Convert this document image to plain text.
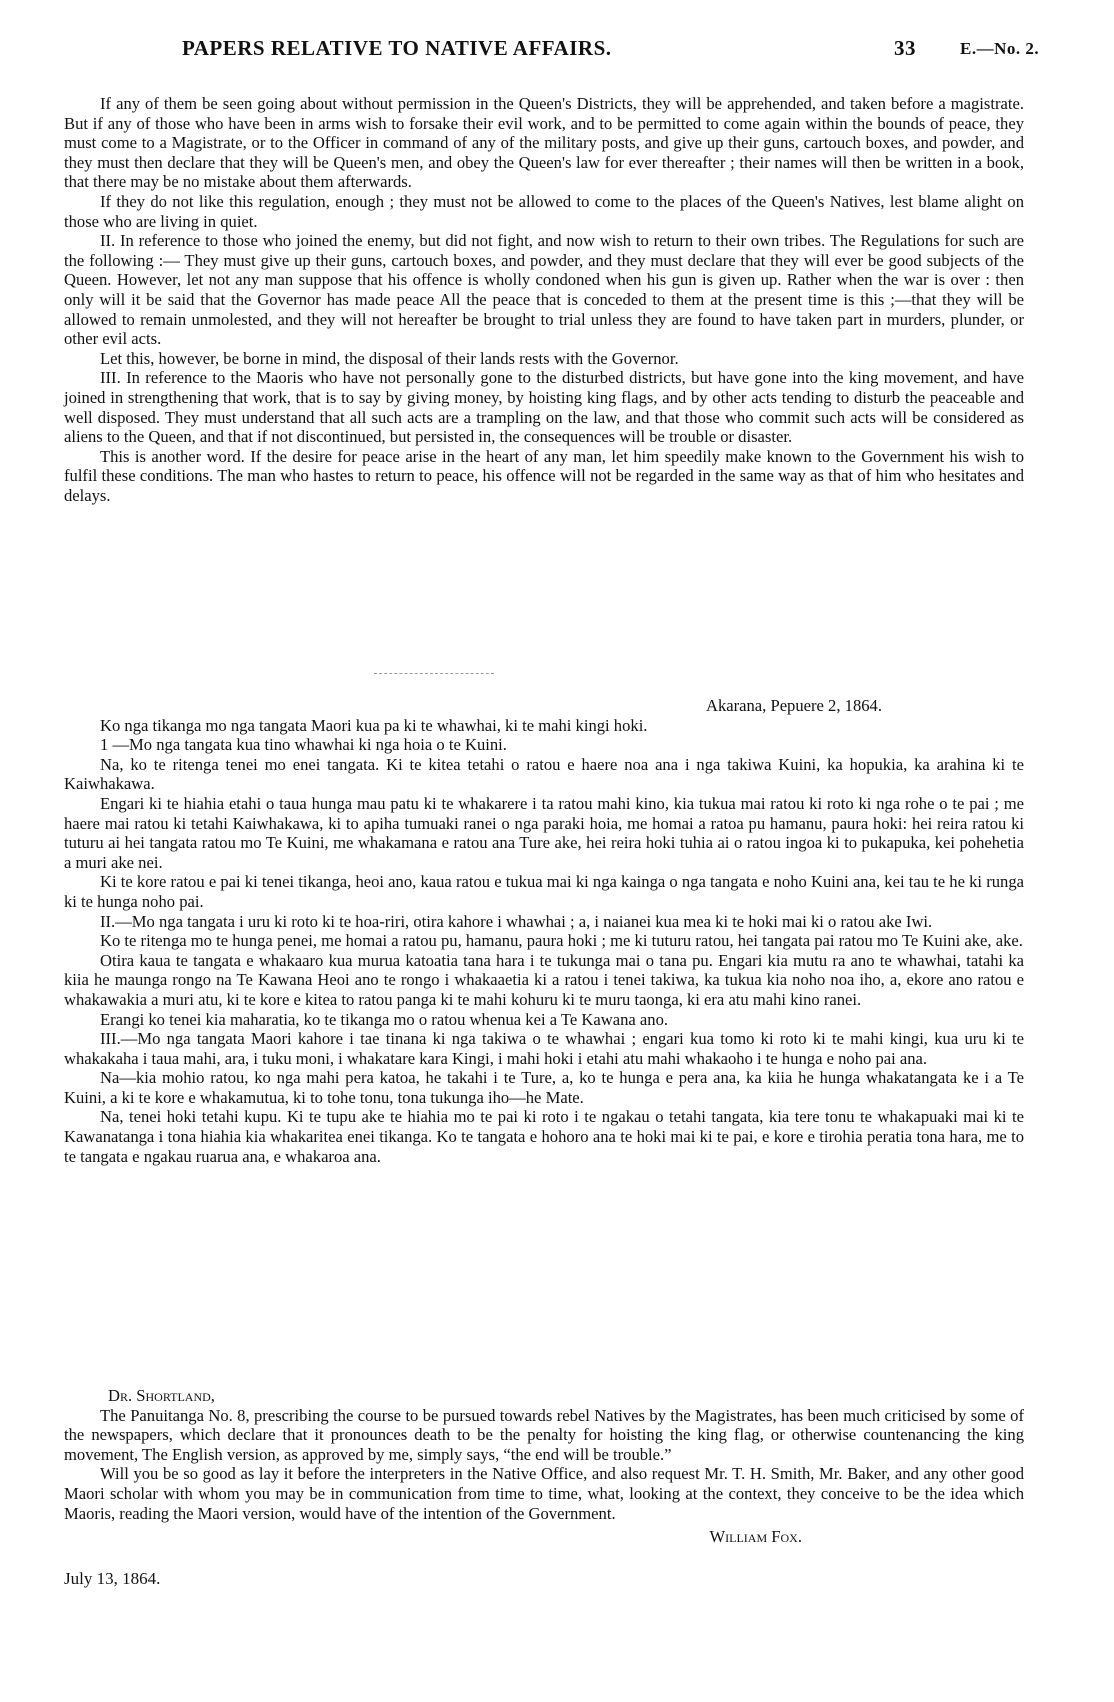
PAPERS RELATIVE TO NATIVE AFFAIRS.	33	E.—No. 2.

If any of them be seen going about without permission in the Queen's Districts, they will be apprehended, and taken before a magistrate. But if any of those who have been in arms wish to forsake their evil work, and to be permitted to come again within the bounds of peace, they must come to a Magistrate, or to the Officer in command of any of the military posts, and give up their guns, cartouch boxes, and powder, and they must then declare that they will be Queen's men, and obey the Queen's law for ever thereafter ; their names will then be written in a book, that there may be no mistake about them afterwards.

If they do not like this regulation, enough ; they must not be allowed to come to the places of the Queen's Natives, lest blame alight on those who are living in quiet.

II. In reference to those who joined the enemy, but did not fight, and now wish to return to their own tribes. The Regulations for such are the following :— They must give up their guns, cartouch boxes, and powder, and they must declare that they will ever be good subjects of the Queen. However, let not any man suppose that his offence is wholly condoned when his gun is given up. Rather when the war is over : then only will it be said that the Governor has made peace All the peace that is conceded to them at the present time is this ;—that they will be allowed to remain unmolested, and they will not hereafter be brought to trial unless they are found to have taken part in murders, plunder, or other evil acts.

Let this, however, be borne in mind, the disposal of their lands rests with the Governor.

III. In reference to the Maoris who have not personally gone to the disturbed districts, but have gone into the king movement, and have joined in strengthening that work, that is to say by giving money, by hoisting king flags, and by other acts tending to disturb the peaceable and well disposed. They must understand that all such acts are a trampling on the law, and that those who commit such acts will be considered as aliens to the Queen, and that if not discontinued, but persisted in, the consequences will be trouble or disaster.

This is another word. If the desire for peace arise in the heart of any man, let him speedily make known to the Government his wish to fulfil these conditions. The man who hastes to return to peace, his offence will not be regarded in the same way as that of him who hesitates and delays.

Akarana, Pepuere 2, 1864.

Ko nga tikanga mo nga tangata Maori kua pa ki te whawhai, ki te mahi kingi hoki.

1 —Mo nga tangata kua tino whawhai ki nga hoia o te Kuini.

Na, ko te ritenga tenei mo enei tangata. Ki te kitea tetahi o ratou e haere noa ana i nga takiwa Kuini, ka hopukia, ka arahina ki te Kaiwhakawa.

Engari ki te hiahia etahi o taua hunga mau patu ki te whakarere i ta ratou mahi kino, kia tukua mai ratou ki roto ki nga rohe o te pai ; me haere mai ratou ki tetahi Kaiwhakawa, ki to apiha tumuaki ranei o nga paraki hoia, me homai a ratoa pu hamanu, paura hoki: hei reira ratou ki tuturu ai hei tangata ratou mo Te Kuini, me whakamana e ratou ana Ture ake, hei reira hoki tuhia ai o ratou ingoa ki to pukapuka, kei pohehetia a muri ake nei.

Ki te kore ratou e pai ki tenei tikanga, heoi ano, kaua ratou e tukua mai ki nga kainga o nga tangata e noho Kuini ana, kei tau te he ki runga ki te hunga noho pai.

II.—Mo nga tangata i uru ki roto ki te hoa-riri, otira kahore i whawhai ; a, i naianei kua mea ki te hoki mai ki o ratou ake Iwi.

Ko te ritenga mo te hunga penei, me homai a ratou pu, hamanu, paura hoki ; me ki tuturu ratou, hei tangata pai ratou mo Te Kuini ake, ake.

Otira kaua te tangata e whakaaro kua murua katoatia tana hara i te tukunga mai o tana pu. Engari kia mutu ra ano te whawhai, tatahi ka kiia he maunga rongo na Te Kawana Heoi ano te rongo i whakaaetia ki a ratou i tenei takiwa, ka tukua kia noho noa iho, a, ekore ano ratou e whakawakia a muri atu, ki te kore e kitea to ratou panga ki te mahi kohuru ki te muru taonga, ki era atu mahi kino ranei.

Erangi ko tenei kia maharatia, ko te tikanga mo o ratou whenua kei a Te Kawana ano.

III.—Mo nga tangata Maori kahore i tae tinana ki nga takiwa o te whawhai ; engari kua tomo ki roto ki te mahi kingi, kua uru ki te whakakaha i taua mahi, ara, i tuku moni, i whakatare kara Kingi, i mahi hoki i etahi atu mahi whakaoho i te hunga e noho pai ana.

Na—kia mohio ratou, ko nga mahi pera katoa, he takahi i te Ture, a, ko te hunga e pera ana, ka kiia he hunga whakatangata ke i a Te Kuini, a ki te kore e whakamutua, ki to tohe tonu, tona tukunga iho—he Mate.

Na, tenei hoki tetahi kupu. Ki te tupu ake te hiahia mo te pai ki roto i te ngakau o tetahi tangata, kia tere tonu te whakapuaki mai ki te Kawanatanga i tona hiahia kia whakaritea enei tikanga. Ko te tangata e hohoro ana te hoki mai ki te pai, e kore e tirohia peratia tona hara, me to te tangata e ngakau ruarua ana, e whakaroa ana.

Dr. Shortland,

The Panuitanga No. 8, prescribing the course to be pursued towards rebel Natives by the Magistrates, has been much criticised by some of the newspapers, which declare that it pronounces death to be the penalty for hoisting the king flag, or otherwise countenancing the king movement, The English version, as approved by me, simply says, “the end will be trouble.”

Will you be so good as lay it before the interpreters in the Native Office, and also request Mr. T. H. Smith, Mr. Baker, and any other good Maori scholar with whom you may be in communication from time to time, what, looking at the context, they conceive to be the idea which Maoris, reading the Maori version, would have of the intention of the Government.

William Fox.

July 13, 1864.
